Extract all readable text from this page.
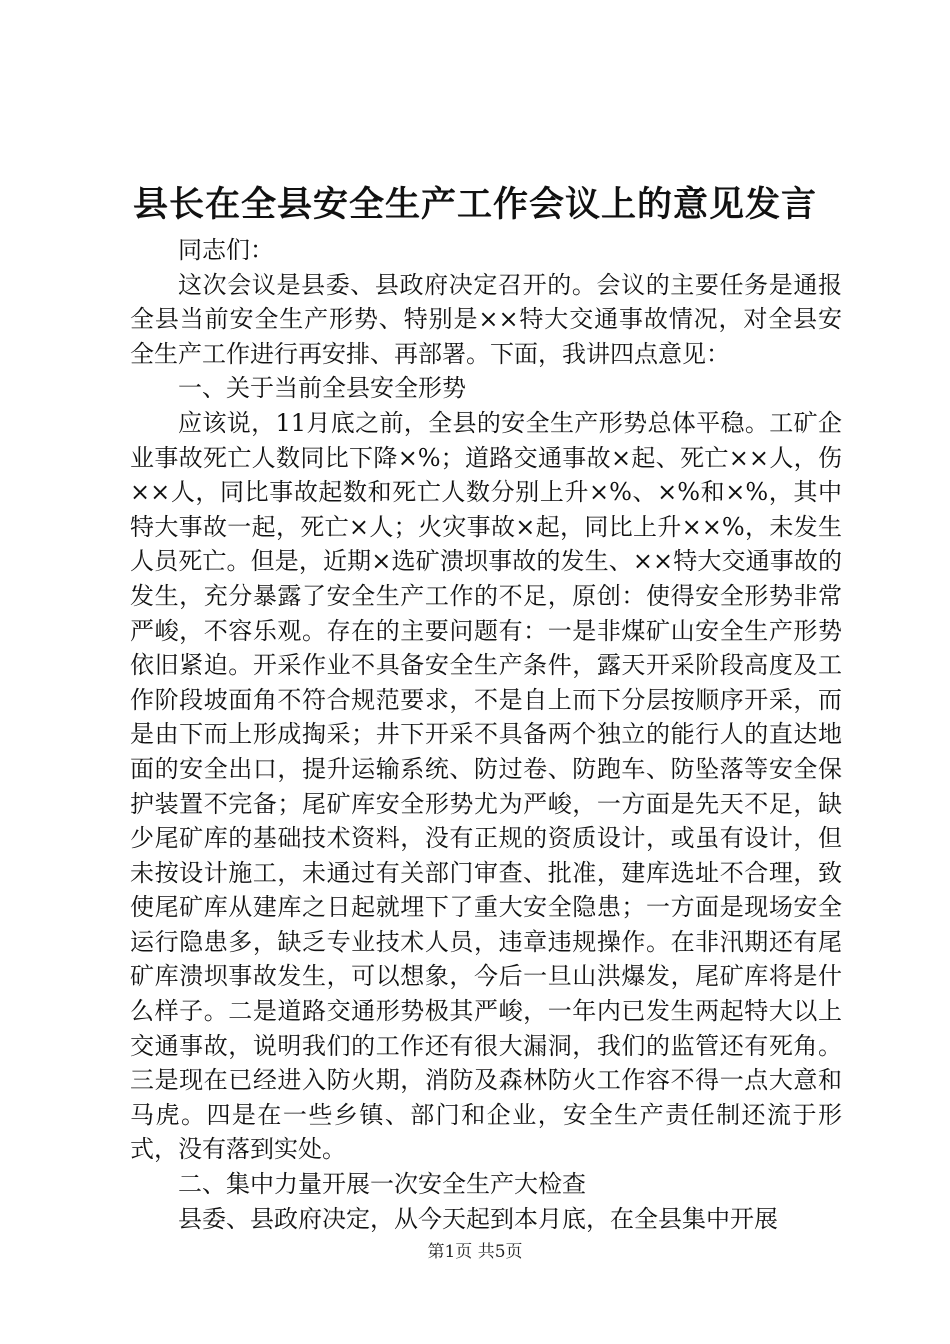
县长在全县安全生产工作会议上的意见发言

同志们：

这次会议是县委、县政府决定召开的。会议的主要任务是通报全县当前安全生产形势、特别是××特大交通事故情况，对全县安全生产工作进行再安排、再部署。下面，我讲四点意见：

一、关于当前全县安全形势

应该说，11月底之前，全县的安全生产形势总体平稳。工矿企业事故死亡人数同比下降×%；道路交通事故×起、死亡××人，伤××人，同比事故起数和死亡人数分别上升×%、×%和×%，其中特大事故一起，死亡×人；火灾事故×起，同比上升××%，未发生人员死亡。但是，近期×选矿溃坝事故的发生、××特大交通事故的发生，充分暴露了安全生产工作的不足，原创：使得安全形势非常严峻，不容乐观。存在的主要问题有：一是非煤矿山安全生产形势依旧紧迫。开采作业不具备安全生产条件，露天开采阶段高度及工作阶段坡面角不符合规范要求，不是自上而下分层按顺序开采，而是由下而上形成掏采；井下开采不具备两个独立的能行人的直达地面的安全出口，提升运输系统、防过卷、防跑车、防坠落等安全保护装置不完备；尾矿库安全形势尤为严峻，一方面是先天不足，缺少尾矿库的基础技术资料，没有正规的资质设计，或虽有设计，但未按设计施工，未通过有关部门审查、批准，建库选址不合理，致使尾矿库从建库之日起就埋下了重大安全隐患；一方面是现场安全运行隐患多，缺乏专业技术人员，违章违规操作。在非汛期还有尾矿库溃坝事故发生，可以想象，今后一旦山洪爆发，尾矿库将是什么样子。二是道路交通形势极其严峻，一年内已发生两起特大以上交通事故，说明我们的工作还有很大漏洞，我们的监管还有死角。三是现在已经进入防火期，消防及森林防火工作容不得一点大意和马虎。四是在一些乡镇、部门和企业，安全生产责任制还流于形式，没有落到实处。

二、集中力量开展一次安全生产大检查

县委、县政府决定，从今天起到本月底，在全县集中开展

第1页 共5页
